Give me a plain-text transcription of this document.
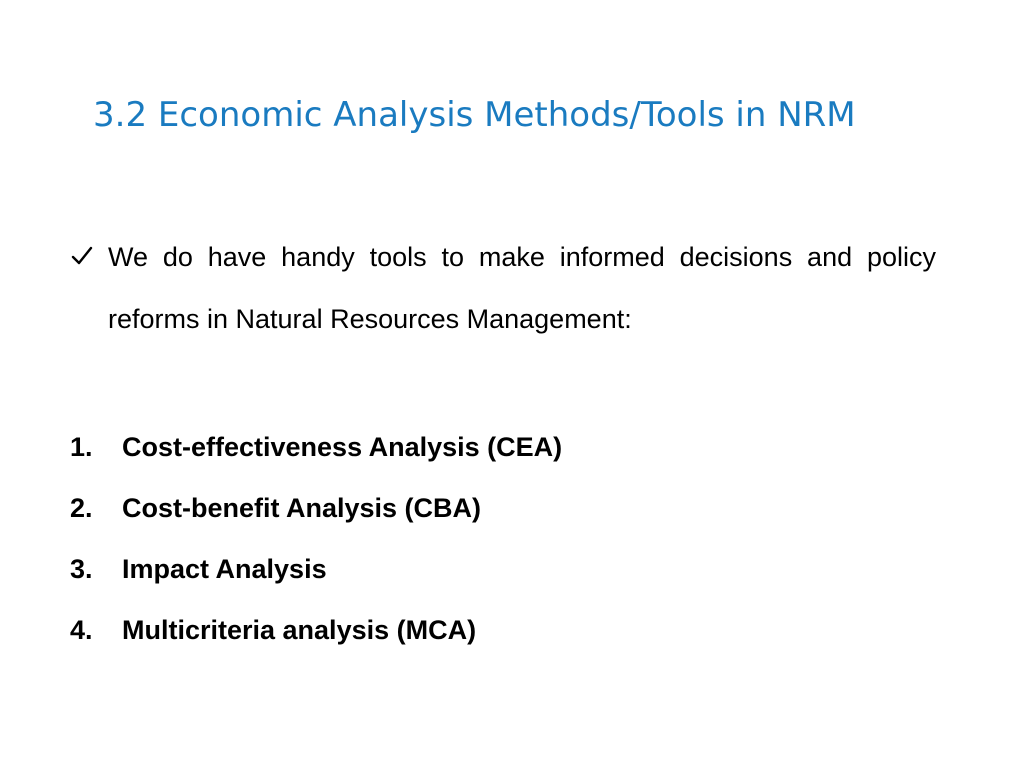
3.2 Economic Analysis Methods/Tools in NRM

We do have handy tools to make informed decisions and policy reforms in Natural Resources Management:

1. Cost-effectiveness Analysis (CEA)
2. Cost-benefit Analysis (CBA)
3. Impact Analysis
4. Multicriteria analysis (MCA)
